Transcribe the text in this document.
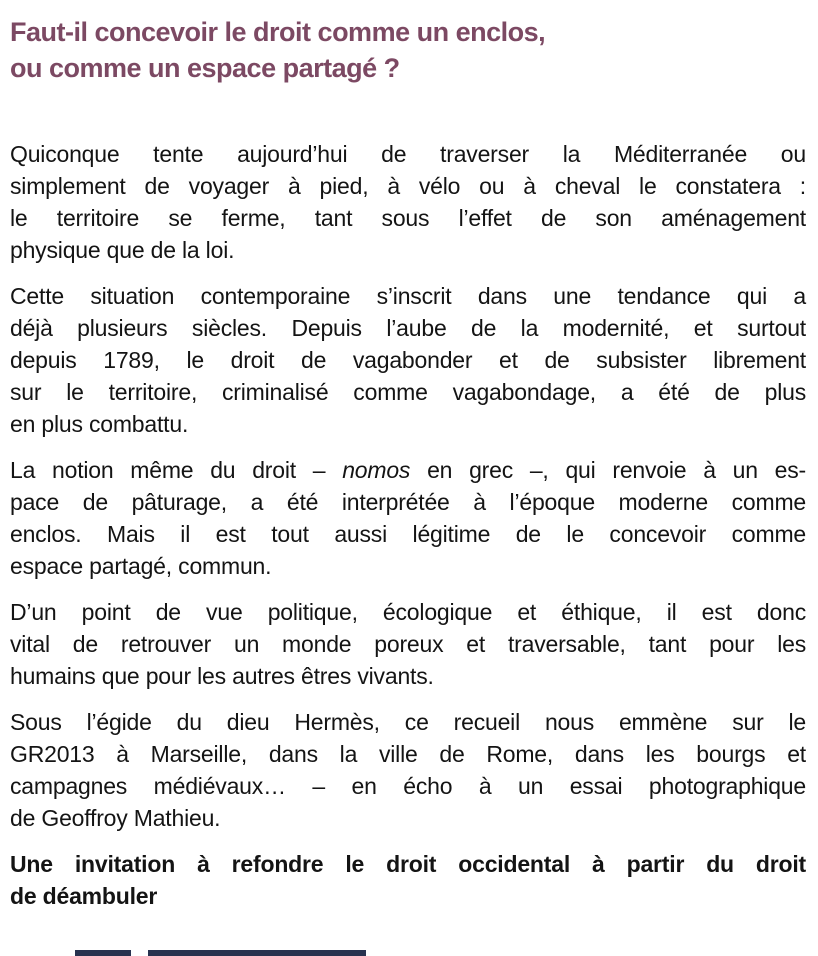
Faut-il concevoir le droit comme un enclos,
ou comme un espace partagé ?
Quiconque tente aujourd’hui de traverser la Méditerranée ou
simplement de voyager à pied, à vélo ou à cheval le constatera :
le territoire se ferme, tant sous l’effet de son aménagement
physique que de la loi.
Cette situation contemporaine s’inscrit dans une tendance qui a
déjà plusieurs siècles. Depuis l’aube de la modernité, et surtout
depuis 1789, le droit de vagabonder et de subsister librement
sur le territoire, criminalisé comme vagabondage, a été de plus
en plus combattu.
La notion même du droit – nomos en grec –, qui renvoie à un es-
pace de pâturage, a été interprétée à l’époque moderne comme
enclos. Mais il est tout aussi légitime de le concevoir comme
espace partagé, commun.
D’un point de vue politique, écologique et éthique, il est donc
vital de retrouver un monde poreux et traversable, tant pour les
humains que pour les autres êtres vivants.
Sous l’égide du dieu Hermès, ce recueil nous emmène sur le
GR2013 à Marseille, dans la ville de Rome, dans les bourgs et
campagnes médiévaux… – en écho à un essai photographique
de Geoffroy Mathieu.
Une invitation à refondre le droit occidental à partir du droit
de déambuler
